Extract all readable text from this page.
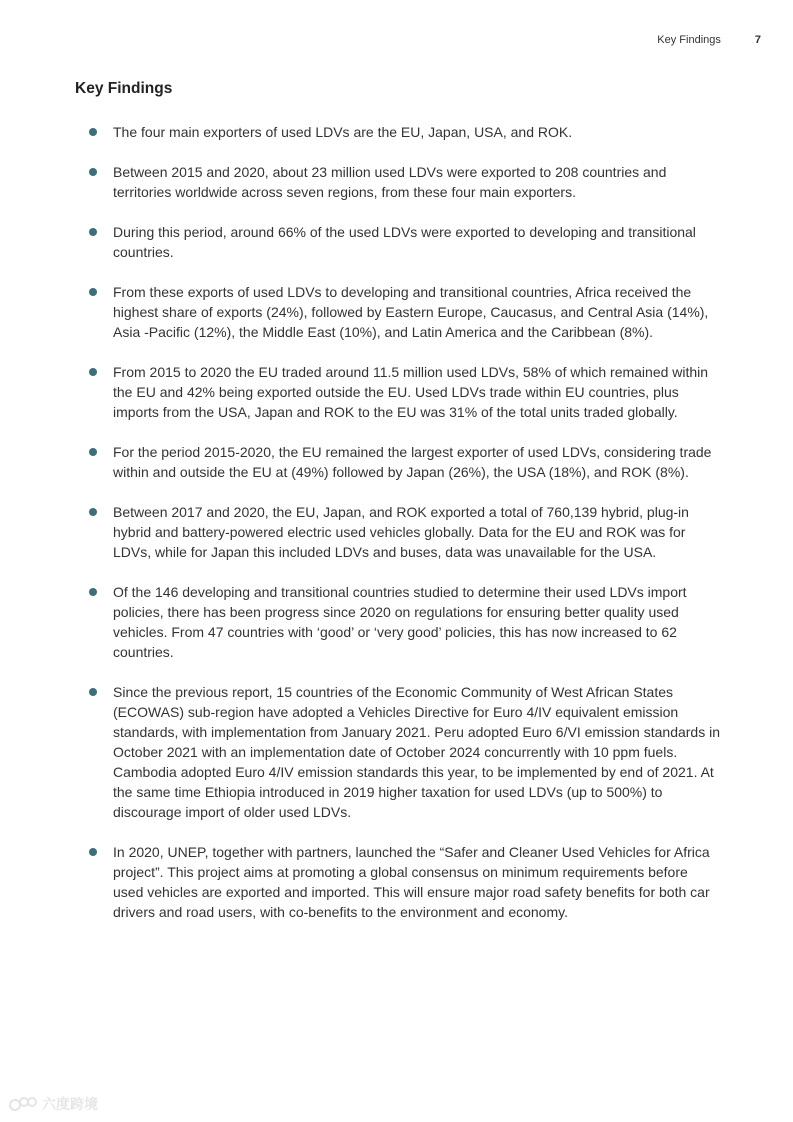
Key Findings	7
Key Findings
The four main exporters of used LDVs are the EU, Japan, USA, and ROK.
Between 2015 and 2020, about 23 million used LDVs were exported to 208 countries and territories worldwide across seven regions, from these four main exporters.
During this period, around 66% of the used LDVs were exported to developing and transitional countries.
From these exports of used LDVs to developing and transitional countries, Africa received the highest share of exports (24%), followed by Eastern Europe, Caucasus, and Central Asia (14%), Asia -Pacific (12%), the Middle East (10%), and Latin America and the Caribbean (8%).
From 2015 to 2020 the EU traded around 11.5 million used LDVs, 58% of which remained within the EU and 42% being exported outside the EU. Used LDVs trade within EU countries, plus imports from the USA, Japan and ROK to the EU was 31% of the total units traded globally.
For the period 2015-2020, the EU remained the largest exporter of used LDVs, considering trade within and outside the EU at (49%) followed by Japan (26%), the USA (18%), and ROK (8%).
Between 2017 and 2020, the EU, Japan, and ROK exported a total of 760,139 hybrid, plug-in hybrid and battery-powered electric used vehicles globally. Data for the EU and ROK was for LDVs, while for Japan this included LDVs and buses, data was unavailable for the USA.
Of the 146 developing and transitional countries studied to determine their used LDVs import policies, there has been progress since 2020 on regulations for ensuring better quality used vehicles. From 47 countries with ‘good’ or ‘very good’ policies, this has now increased to 62 countries.
Since the previous report, 15 countries of the Economic Community of West African States (ECOWAS) sub-region have adopted a Vehicles Directive for Euro 4/IV equivalent emission standards, with implementation from January 2021. Peru adopted Euro 6/VI emission standards in October 2021 with an implementation date of October 2024 concurrently with 10 ppm fuels. Cambodia adopted Euro 4/IV emission standards this year, to be implemented by end of 2021. At the same time Ethiopia introduced in 2019 higher taxation for used LDVs (up to 500%) to discourage import of older used LDVs.
In 2020, UNEP, together with partners, launched the “Safer and Cleaner Used Vehicles for Africa project”. This project aims at promoting a global consensus on minimum requirements before used vehicles are exported and imported. This will ensure major road safety benefits for both car drivers and road users, with co-benefits to the environment and economy.
六度跨境
